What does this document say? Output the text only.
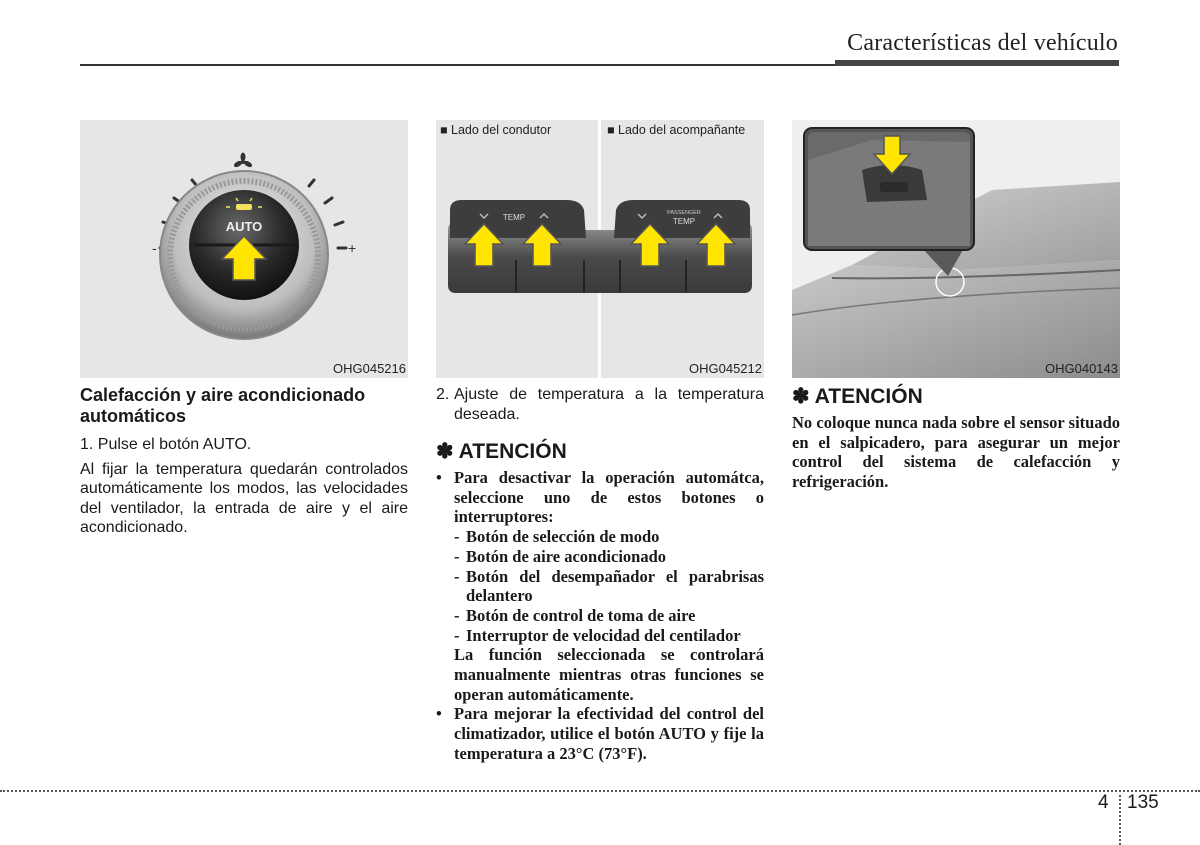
Características del vehículo
-	+
AUTO
OHG045216
■ Lado del condutor	■ Lado del acompañante
TEMP	PASSENGER
TEMP
OHG045212	OHG040143
Calefacción y aire acondicionado automáticos
1. Pulse el botón AUTO.
Al fijar la temperatura quedarán controlados automáticamente los modos, las velocidades del ventilador, la entrada de aire y el aire acondicionado.
2. Ajuste de temperatura a la temperatura deseada.
✽ ATENCIÓN
• Para desactivar la operación automátca, seleccione uno de estos botones o interruptores:
- Botón de selección de modo
- Botón de aire acondicionado
- Botón del desempañador el parabrisas delantero
- Botón de control de toma de aire
- Interruptor de velocidad del centilador
La función seleccionada se controlará manualmente mientras otras funciones se operan automáticamente.
• Para mejorar la efectividad del control del climatizador, utilice el botón AUTO y fije la temperatura a 23°C (73°F).
✽ ATENCIÓN
No coloque nunca nada sobre el sensor situado en el salpicadero, para asegurar un mejor control del sistema de calefacción y refrigeración.
4 135
